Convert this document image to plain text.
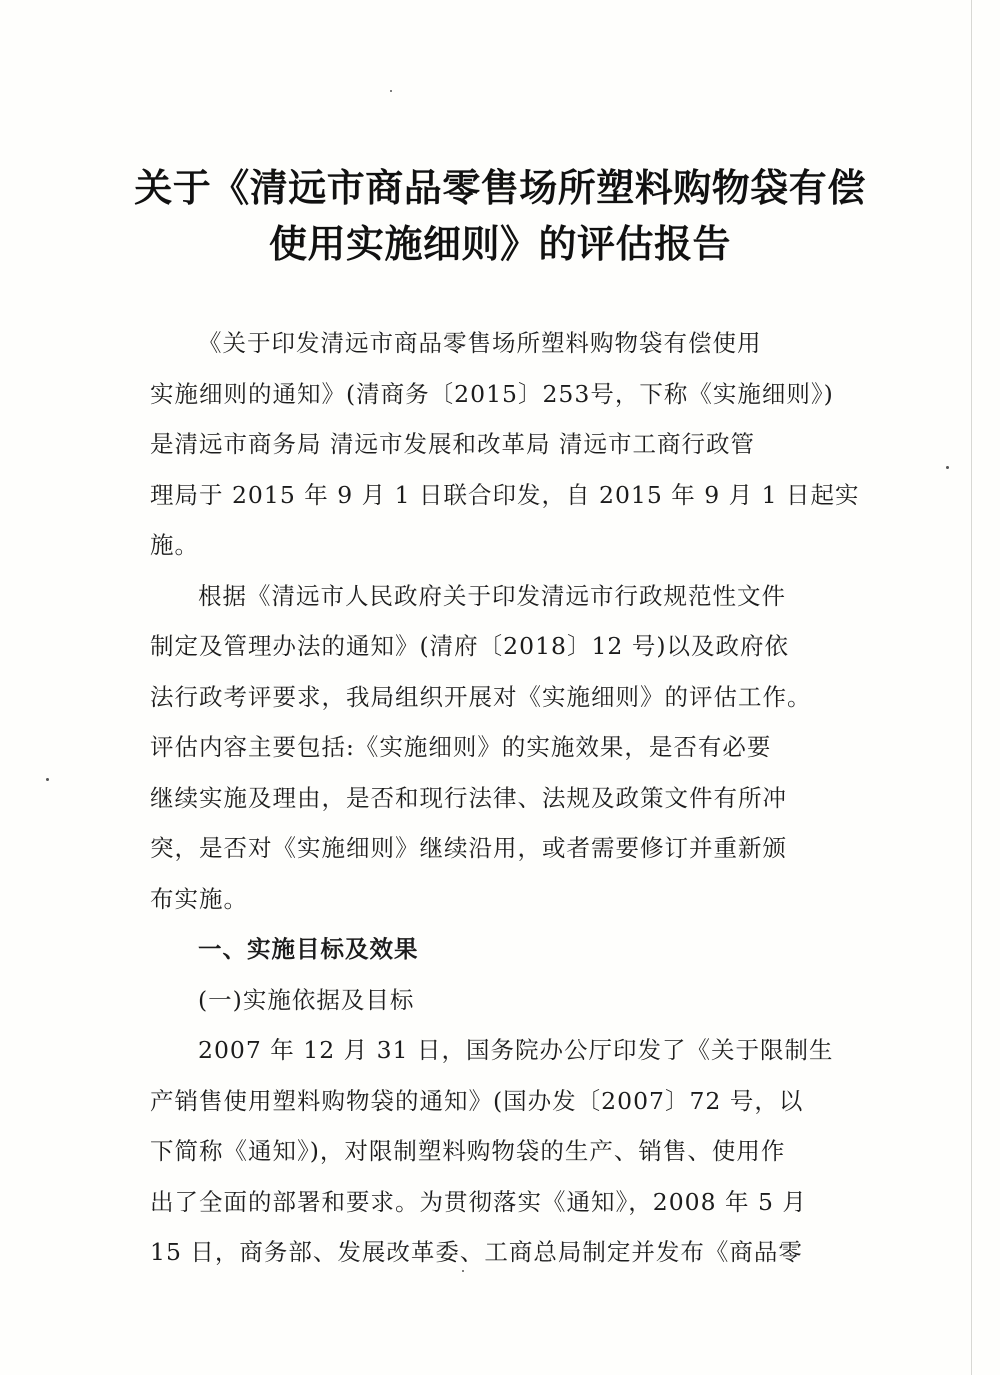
关于《清远市商品零售场所塑料购物袋有偿
使用实施细则》的评估报告
《关于印发清远市商品零售场所塑料购物袋有偿使用
实施细则的通知》(清商务〔2015〕253号，下称《实施细则》)
是清远市商务局 清远市发展和改革局 清远市工商行政管
理局于 2015 年 9 月 1 日联合印发，自 2015 年 9 月 1 日起实
施。
根据《清远市人民政府关于印发清远市行政规范性文件
制定及管理办法的通知》(清府〔2018〕12 号)以及政府依
法行政考评要求，我局组织开展对《实施细则》的评估工作。
评估内容主要包括:《实施细则》的实施效果，是否有必要
继续实施及理由，是否和现行法律、法规及政策文件有所冲
突，是否对《实施细则》继续沿用，或者需要修订并重新颁
布实施。
一、实施目标及效果
(一)实施依据及目标
2007 年 12 月 31 日，国务院办公厅印发了《关于限制生
产销售使用塑料购物袋的通知》(国办发〔2007〕72 号，以
下简称《通知》)，对限制塑料购物袋的生产、销售、使用作
出了全面的部署和要求。为贯彻落实《通知》，2008 年 5 月
15 日，商务部、发展改革委、工商总局制定并发布《商品零
